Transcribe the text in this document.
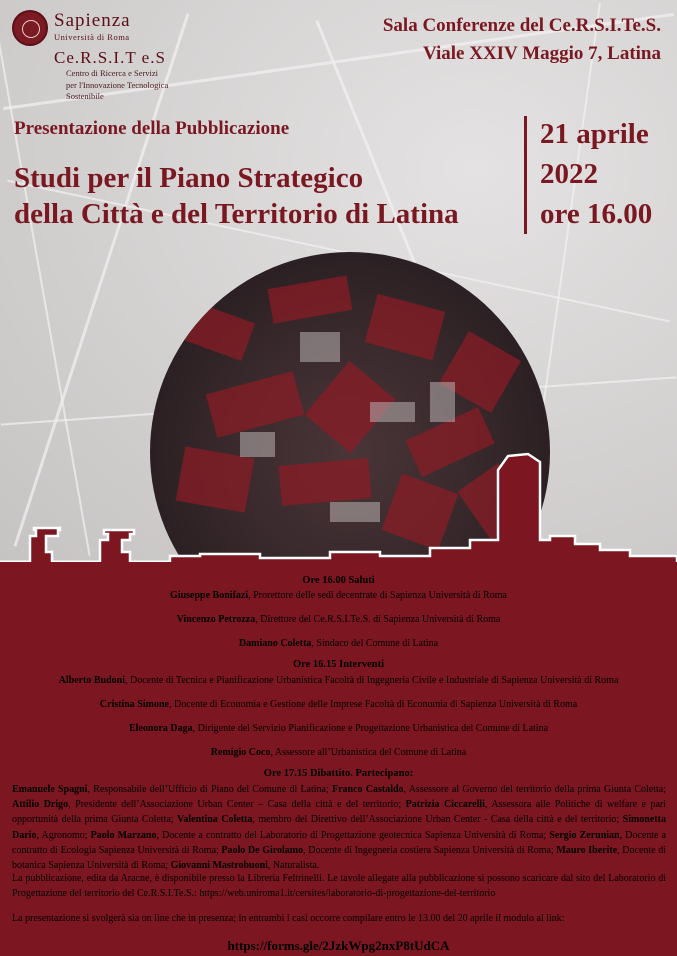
Sapienza
Università di Roma
Ce.R.S.I.T e.S
Centro di Ricerca e Servizi
per l'Innovazione Tecnologica
Sostenibile
Sala Conferenze del Ce.R.S.I.Te.S.
Viale XXIV Maggio 7, Latina
Presentazione della Pubblicazione
Studi per il Piano Strategico
della Città e del Territorio di Latina
21 aprile
2022
ore 16.00
Ore 16.00 Saluti
Giuseppe Bonifazi, Prorettore delle sedi decentrate di Sapienza Università di Roma
Vincenzo Petrozza, Direttore del Ce.R.S.I.Te.S. di Sapienza Università di Roma
Damiano Coletta, Sindaco del Comune di Latina
Ore 16.15 Interventi
Alberto Budoni, Docente di Tecnica e Pianificazione Urbanistica Facoltà di Ingegneria Civile e Industriale di Sapienza Università di Roma
Cristina Simone, Docente di Economia e Gestione delle Imprese Facoltà di Economia di Sapienza Università di Roma
Eleonora Daga, Dirigente del Servizio Pianificazione e Progettazione Urbanistica del Comune di Latina
Remigio Coco, Assessore all’Urbanistica del Comune di Latina
Ore 17.15 Dibattito. Partecipano:
Emanuele Spagni, Responsabile dell’Ufficio di Piano del Comune di Latina; Franco Castaldo, Assessore al Governo del territorio della prima Giunta Coletta; Attilio Drigo, Presidente dell’Associazione Urban Center – Casa della città e del territorio; Patrizia Ciccarelli, Assessora alle Politiche di welfare e pari opportunità della prima Giunta Coletta; Valentina Coletta, membro del Direttivo dell’Associazione Urban Center - Casa della città e del territorio; Simonetta Dario, Agronomo; Paolo Marzano, Docente a contratto del Laboratorio di Progettazione geotecnica Sapienza Università di Roma; Sergio Zerunian, Docente a contratto di Ecologia Sapienza Università di Roma; Paolo De Girolamo, Docente di Ingegneria costiera Sapienza Università di Roma; Mauro Iberite, Docente di botanica Sapienza Università di Roma; Giovanni Mastrobuoni, Naturalista.
La pubblicazione, edita da Aracne, è disponibile presso la Libreria Feltrinelli. Le tavole allegate alla pubblicazione si possono scaricare dal sito del Laboratorio di Progettazione del territorio del Ce.R.S.I.Te.S.: https://web.uniroma1.it/cersites/laboratorio-di-progettazione-del-territorio
La presentazione si svolgerà sia on line che in presenza; in entrambi i casi occorre compilare entro le 13.00 del 20 aprile il modulo al link:
https://forms.gle/2JzkWpg2nxP8tUdCA
